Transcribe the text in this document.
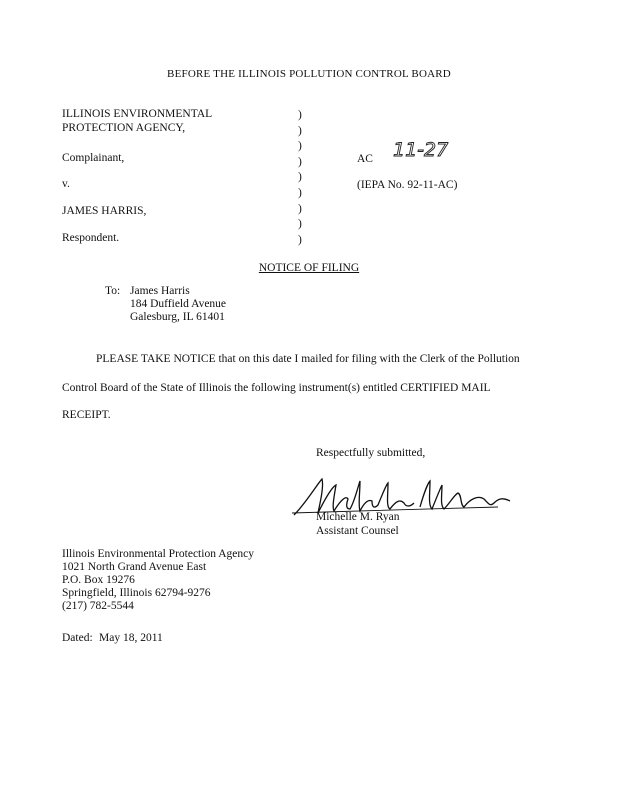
BEFORE THE ILLINOIS POLLUTION CONTROL BOARD
ILLINOIS ENVIRONMENTAL
PROTECTION AGENCY,
Complainant,
v.
JAMES HARRIS,
Respondent.
)
)
)
)
)
)
)
)
)
AC 11-27
(IEPA No. 92-11-AC)
NOTICE OF FILING
To: James Harris
184 Duffield Avenue
Galesburg, IL 61401
PLEASE TAKE NOTICE that on this date I mailed for filing with the Clerk of the Pollution
Control Board of the State of Illinois the following instrument(s) entitled CERTIFIED MAIL
RECEIPT.
Respectfully submitted,
Michelle M. Ryan
Assistant Counsel
Illinois Environmental Protection Agency
1021 North Grand Avenue East
P.O. Box 19276
Springfield, Illinois 62794-9276
(217) 782-5544
Dated: May 18, 2011
